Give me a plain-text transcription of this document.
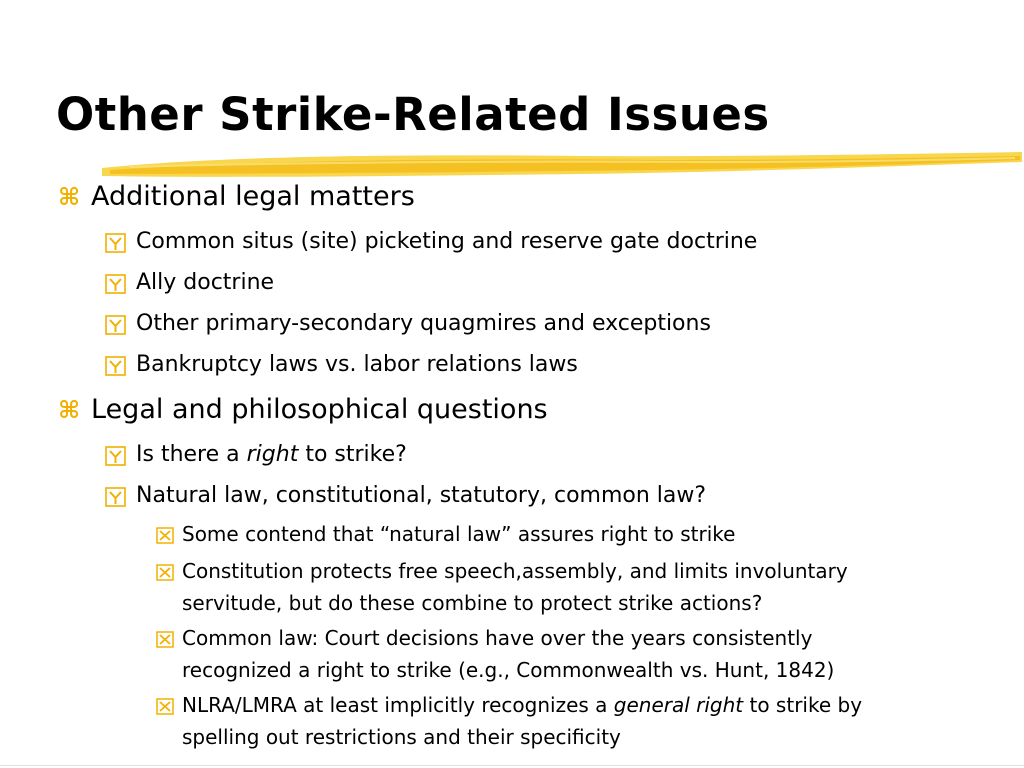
Other Strike-Related Issues
⌘ Additional legal matters
Common situs (site) picketing and reserve gate doctrine
Ally doctrine
Other primary-secondary quagmires and exceptions
Bankruptcy laws vs. labor relations laws
⌘ Legal and philosophical questions
Is there a right to strike?
Natural law, constitutional, statutory, common law?
Some contend that “natural law” assures right to strike
Constitution protects free speech,assembly, and limits involuntary
servitude, but do these combine to protect strike actions?
Common law: Court decisions have over the years consistently
recognized a right to strike (e.g., Commonwealth vs. Hunt, 1842)
NLRA/LMRA at least implicitly recognizes a general right to strike by
spelling out restrictions and their specificity
